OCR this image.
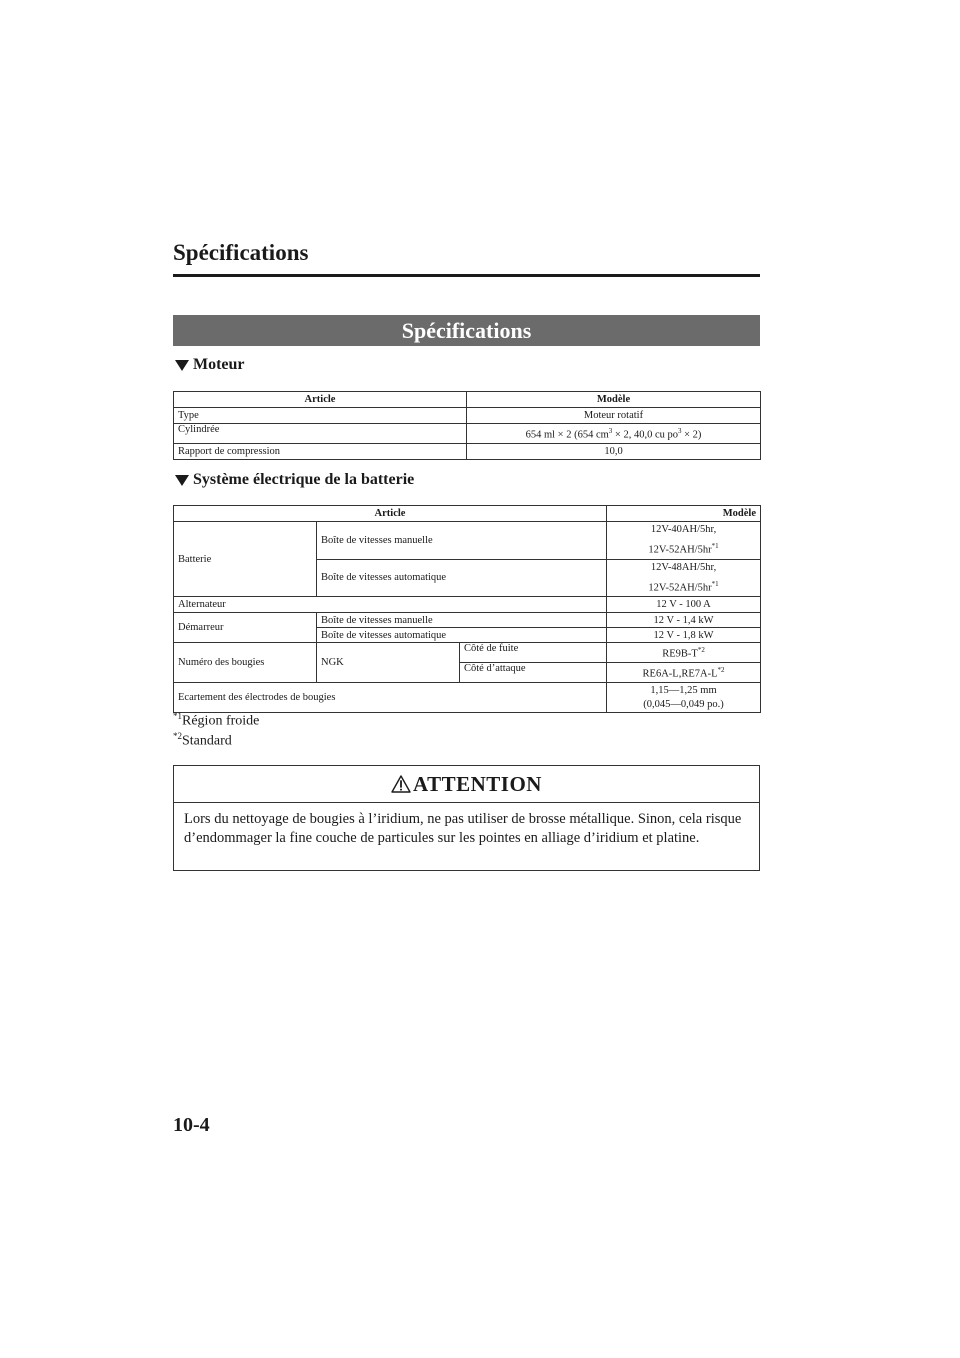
Spécifications
Spécifications
Moteur
Article	Modèle
Type	Moteur rotatif
Cylindrée	654 ml × 2 (654 $cm^3 \times 2$, 40,0 cu $po^3 \times 2$)
Rapport de compression	10,0
Système électrique de la batterie
Article			Modèle
Batterie	Boîte de vitesses manuelle		12V-40AH/5hr,
$12V-52AH/5hr^{*1}$

	Boîte de vitesses automatique		12V-48AH/5hr,
$12V-52AH/5hr^{*1}$

Alternateur			12 V - 100 A
Démarreur	Boîte de vitesses manuelle		12 V - 1,4 kW
	Boîte de vitesses automatique		12 V - 1,8 kW
Numéro des bougies	NGK	Côté de fuite	$RE9B-T^{*2}$
		Côté d’attaque	$RE6A-L,RE7A-L^{*2}$
Ecartement des électrodes de bougies			1,15—1,25 mm
(0,045—0,049 po.)
$^{*1}$Région froide
$^{*2}$Standard
ATTENTION
Lors du nettoyage de bougies à l’iridium, ne pas utiliser de brosse métallique. Sinon, cela risque d’endommager la fine couche de particules sur les pointes en alliage d’iridium et platine.
10-4
